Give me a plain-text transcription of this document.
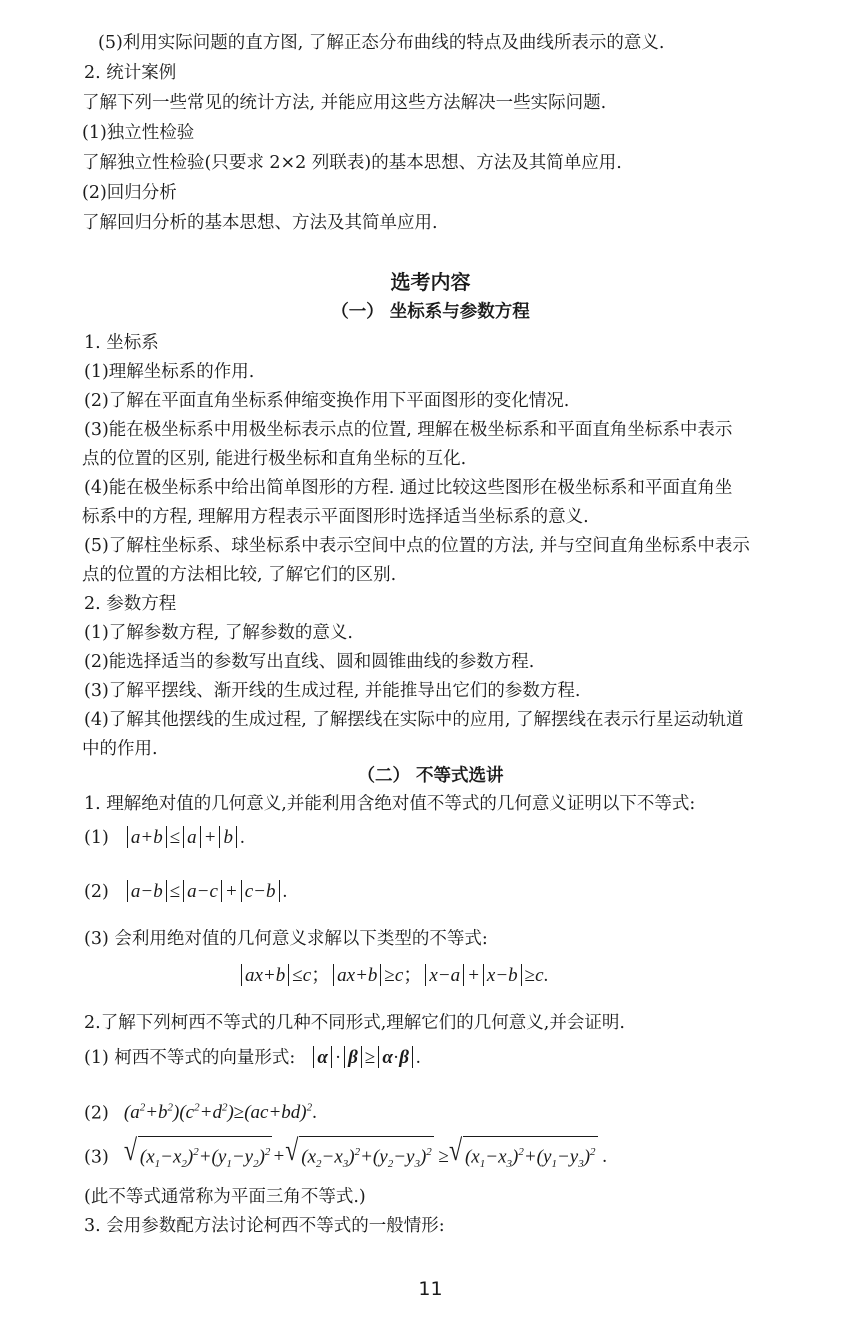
(5)利用实际问题的直方图, 了解正态分布曲线的特点及曲线所表示的意义.
2. 统计案例
了解下列一些常见的统计方法, 并能应用这些方法解决一些实际问题.
(1)独立性检验
了解独立性检验(只要求 2×2 列联表)的基本思想、方法及其简单应用.
(2)回归分析
了解回归分析的基本思想、方法及其简单应用.
选考内容
（一） 坐标系与参数方程
1. 坐标系
(1)理解坐标系的作用.
(2)了解在平面直角坐标系伸缩变换作用下平面图形的变化情况.
(3)能在极坐标系中用极坐标表示点的位置, 理解在极坐标系和平面直角坐标系中表示
点的位置的区别, 能进行极坐标和直角坐标的互化.
(4)能在极坐标系中给出简单图形的方程. 通过比较这些图形在极坐标系和平面直角坐
标系中的方程, 理解用方程表示平面图形时选择适当坐标系的意义.
(5)了解柱坐标系、球坐标系中表示空间中点的位置的方法, 并与空间直角坐标系中表示
点的位置的方法相比较, 了解它们的区别.
2. 参数方程
(1)了解参数方程, 了解参数的意义.
(2)能选择适当的参数写出直线、圆和圆锥曲线的参数方程.
(3)了解平摆线、渐开线的生成过程, 并能推导出它们的参数方程.
(4)了解其他摆线的生成过程, 了解摆线在实际中的应用, 了解摆线在表示行星运动轨道
中的作用.
（二） 不等式选讲
1. 理解绝对值的几何意义,并能利用含绝对值不等式的几何意义证明以下不等式:
(1) a+b ≤ a + b .
(2) a−b ≤ a−c + c−b .
(3) 会利用绝对值的几何意义求解以下类型的不等式:
ax+b ≤c； ax+b ≥c； x−a + x−b ≥c.
2.了解下列柯西不等式的几种不同形式,理解它们的几何意义,并会证明.
(1) 柯西不等式的向量形式: α · β ≥ α·β .
(2)   $(a^2+b^2)(c^2+d^2)\ge(ac+bd)^2$.
(3) √ $(x_1-x_2)^2+(y_1-y_2)^2$ + √ $(x_2-x_3)^2+(y_2-y_3)^2$ ≥ √ $(x_1-x_3)^2+(y_1-y_3)^2$ .
(此不等式通常称为平面三角不等式.)
3. 会用参数配方法讨论柯西不等式的一般情形:
11
